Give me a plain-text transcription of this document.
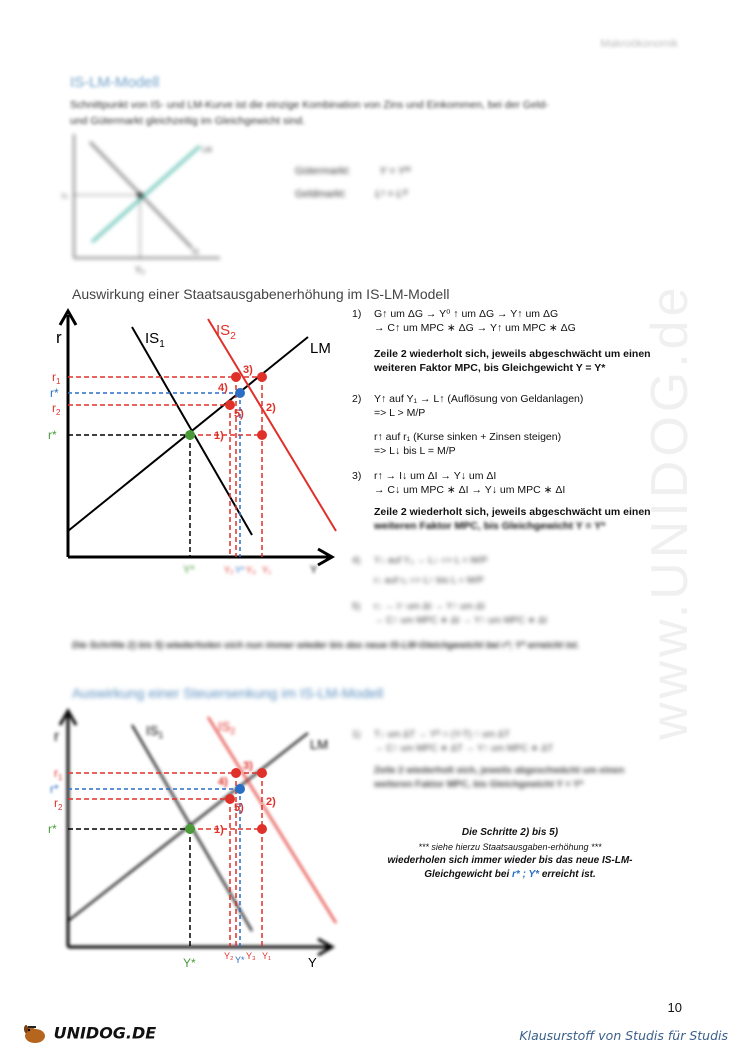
www.UNIDOG.de
Makroökonomik
IS-LM-Modell
Schnittpunkt von IS- und LM-Kurve ist die einzige Kombination von Zins und Einkommen, bei der Geld-
und Gütermarkt gleichzeitig im Gleichgewicht sind.
r₀
Y₀
IS
LM
Gütermarkt:	Y = Yᴺ
Geldmarkt:	Lˢ = Lᴰ
Auswirkung einer Staatsausgabenerhöhung im IS-LM-Modell
r
$r_1$
r*
$r_2$
r*
$IS_1$
$IS_2$
LM
1)
2)
3)
4)
5)
Y*	Y₂ Y* Y₃ Y₁	Y
1)	G↑ um ΔG → Y⁰ ↑ um ΔG → Y↑ um ΔG
→ C↑ um MPC ∗ ΔG → Y↑ um MPC ∗ ΔG
Zeile 2 wiederholt sich, jeweils abgeschwächt um einen
weiteren Faktor MPC, bis Gleichgewicht Y = Y*
2)	Y↑ auf Y₁ → L↑ (Auflösung von Geldanlagen)
=> L > M/P
r↑ auf r₁ (Kurse sinken + Zinsen steigen)
=> L↓ bis L = M/P
3)	r↑ → I↓ um ΔI → Y↓ um ΔI
→ C↓ um MPC ∗ ΔI → Y↓ um MPC ∗ ΔI
Zeile 2 wiederholt sich, jeweils abgeschwächt um einen
weiteren Faktor MPC, bis Gleichgewicht Y = Y*
4)	Y↓ auf Y₃ → L↓ => L < M/P
r↓ auf r₂ => L↑ bis L = M/P
5)	r↓ → I↑ um ΔI → Y↑ um ΔI
→ C↑ um MPC ∗ ΔI → Y↑ um MPC ∗ ΔI
Die Schritte 2) bis 5) wiederholen sich nun immer wieder bis das neue IS-LM-Gleichgewicht bei r*; Y* erreicht ist.
Auswirkung einer Steuersenkung im IS-LM-Modell
r	$IS_1$
$IS_2$
LM
$r_1$
r*
$r_2$
r*	1)
2)
3)
4)
5)
Y*	Y₂ Y* Y₃ Y₁	Y
1)	T↓ um ΔT → Yᴰ = (Y-T) ↑ um ΔT
→ C↑ um MPC ∗ ΔT → Y↑ um MPC ∗ ΔT
Zeile 2 wiederholt sich, jeweils abgeschwächt um einen
weiteren Faktor MPC, bis Gleichgewicht Y = Y*
Die Schritte 2) bis 5)
*** siehe hierzu Staatsausgaben-erhöhung ***
wiederholen sich immer wieder bis das neue IS-LM-
Gleichgewicht bei r* ; Y* erreicht ist.
10
UNIDOG.DE	Klausurstoff von Studis für Studis
